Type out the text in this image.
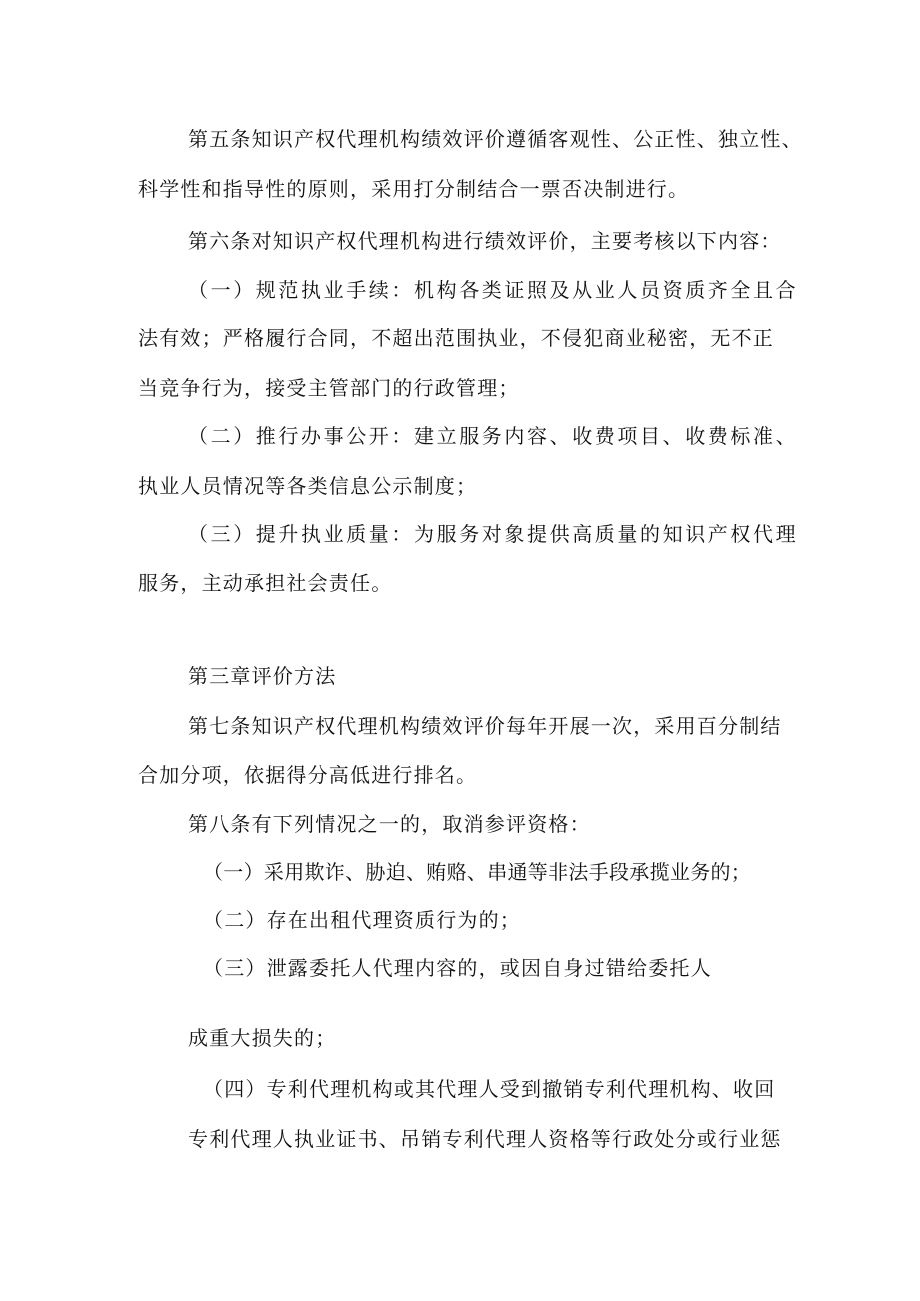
第五条知识产权代理机构绩效评价遵循客观性、公正性、独立性、
科学性和指导性的原则，采用打分制结合一票否决制进行。
第六条对知识产权代理机构进行绩效评价，主要考核以下内容：
（一）规范执业手续：机构各类证照及从业人员资质齐全且合
法有效；严格履行合同，不超出范围执业，不侵犯商业秘密，无不正
当竞争行为，接受主管部门的行政管理；
（二）推行办事公开：建立服务内容、收费项目、收费标准、
执业人员情况等各类信息公示制度；
（三）提升执业质量：为服务对象提供高质量的知识产权代理
服务，主动承担社会责任。
第三章评价方法
第七条知识产权代理机构绩效评价每年开展一次，采用百分制结
合加分项，依据得分高低进行排名。
第八条有下列情况之一的，取消参评资格：
（一）采用欺诈、胁迫、贿赂、串通等非法手段承揽业务的；
（二）存在出租代理资质行为的；
（三）泄露委托人代理内容的，或因自身过错给委托人
成重大损失的；
（四）专利代理机构或其代理人受到撤销专利代理机构、收回
专利代理人执业证书、吊销专利代理人资格等行政处分或行业惩
